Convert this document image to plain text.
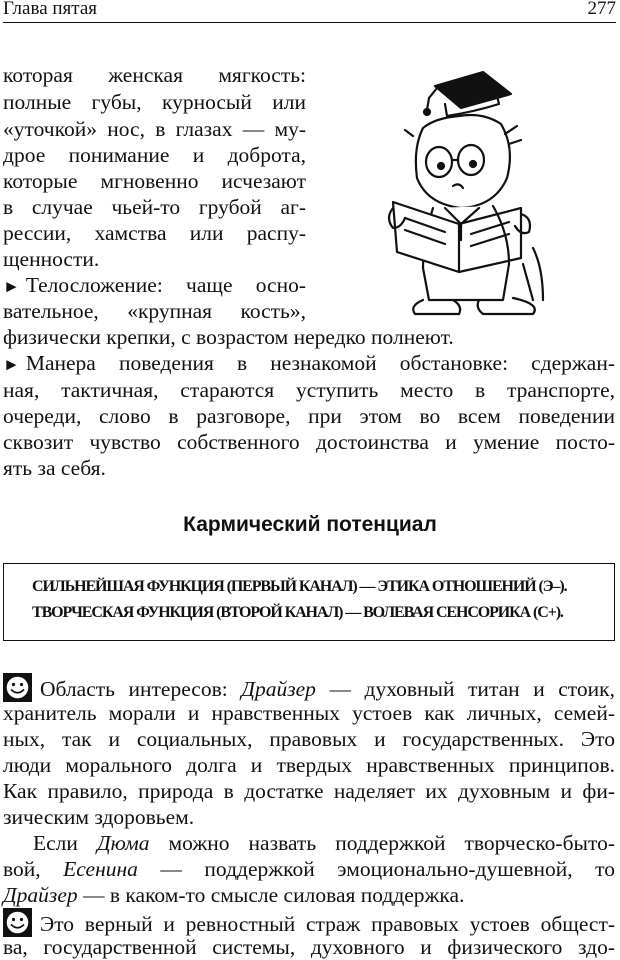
Глава пятая	277
которая женская мягкость:
полные губы, курносый или
«уточкой» нос, в глазах — му-
дрое понимание и доброта,
которые мгновенно исчезают
в случае чьей-то грубой аг-
рессии, хамства или распу-
щенности.
► Телосложение: чаще осно-
вательное, «крупная кость»,
физически крепки, с возрастом нередко полнеют.
► Манера поведения в незнакомой обстановке: сдержан-
ная, тактичная, стараются уступить место в транспорте,
очереди, слово в разговоре, при этом во всем поведении
сквозит чувство собственного достоинства и умение посто-
ять за себя.
Кармический потенциал
СИЛЬНЕЙШАЯ ФУНКЦИЯ (ПЕРВЫЙ КАНАЛ) — ЭТИКА ОТНОШЕНИЙ (Э–).
ТВОРЧЕСКАЯ ФУНКЦИЯ (ВТОРОЙ КАНАЛ) — ВОЛЕВАЯ СЕНСОРИКА (С+).
Область интересов: Драйзер — духовный титан и стоик,
хранитель морали и нравственных устоев как личных, семей-
ных, так и социальных, правовых и государственных. Это
люди морального долга и твердых нравственных принципов.
Как правило, природа в достатке наделяет их духовным и фи-
зическим здоровьем.
Если Дюма можно назвать поддержкой творческо-быто-
вой, Есенина — поддержкой эмоционально-душевной, то
Драйзер — в каком-то смысле силовая поддержка.
Это верный и ревностный страж правовых устоев общест-
ва, государственной системы, духовного и физического здо-
